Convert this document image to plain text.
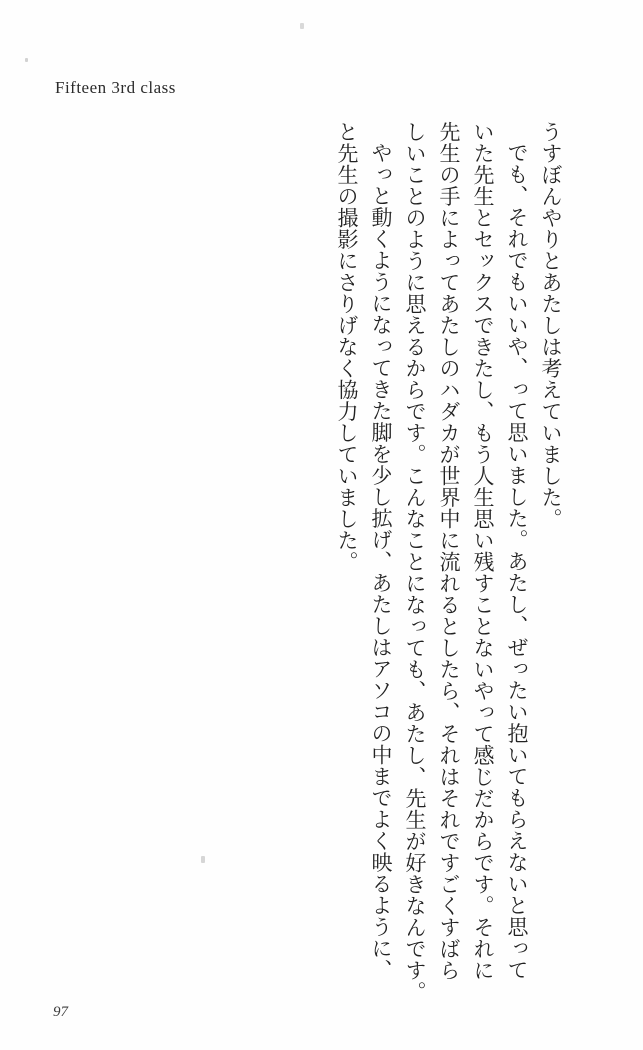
Fifteen 3rd class
うすぼんやりとあたしは考えていました。
でも、それでもいいや、って思いました。あたし、ぜったい抱いてもらえないと思って
いた先生とセックスできたし、もう人生思い残すことないやって感じだからです。それに
先生の手によってあたしのハダカが世界中に流れるとしたら、それはそれですごくすばら
しいことのように思えるからです。こんなことになっても、あたし、先生が好きなんです。
やっと動くようになってきた脚を少し拡げ、あたしはアソコの中までよく映るように、
と先生の撮影にさりげなく協力していました。
97
